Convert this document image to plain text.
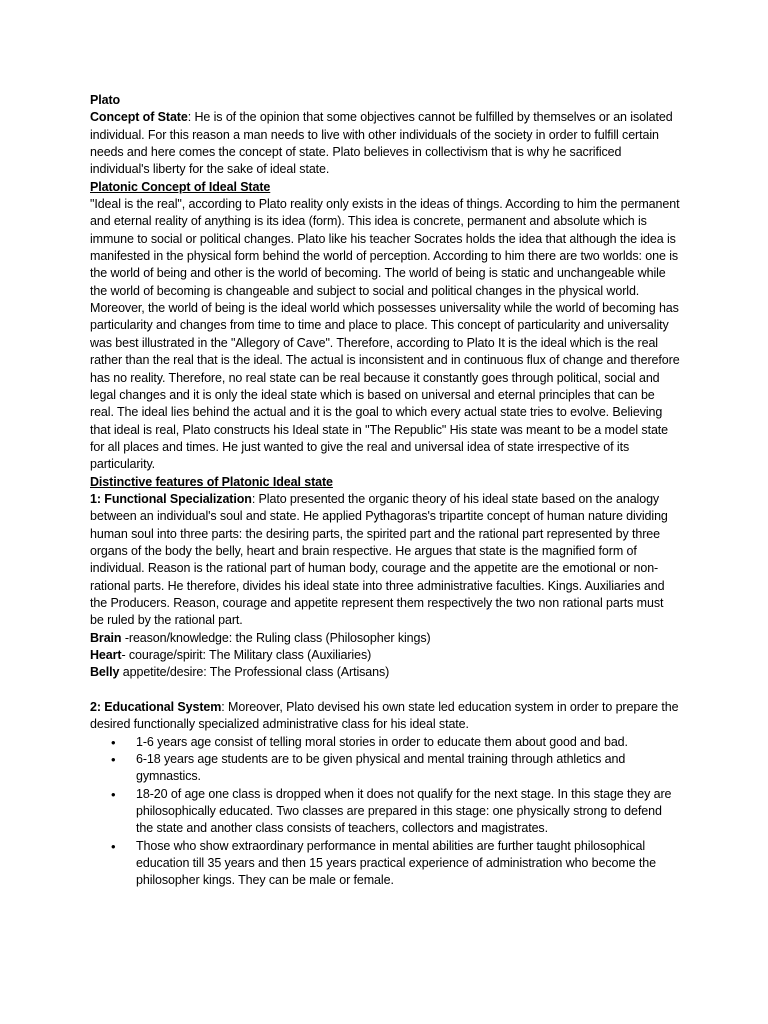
Plato

Concept of State: He is of the opinion that some objectives cannot be fulfilled by themselves or an isolated individual. For this reason a man needs to live with other individuals of the society in order to fulfill certain needs and here comes the concept of state. Plato believes in collectivism that is why he sacrificed individual's liberty for the sake of ideal state.

Platonic Concept of Ideal State

"Ideal is the real", according to Plato reality only exists in the ideas of things. According to him the permanent and eternal reality of anything is its idea (form). This idea is concrete, permanent and absolute which is immune to social or political changes. Plato like his teacher Socrates holds the idea that although the idea is manifested in the physical form behind the world of perception. According to him there are two worlds: one is the world of being and other is the world of becoming. The world of being is static and unchangeable while the world of becoming is changeable and subject to social and political changes in the physical world. Moreover, the world of being is the ideal world which possesses universality while the world of becoming has particularity and changes from time to time and place to place. This concept of particularity and universality was best illustrated in the "Allegory of Cave". Therefore, according to Plato It is the ideal which is the real rather than the real that is the ideal. The actual is inconsistent and in continuous flux of change and therefore has no reality. Therefore, no real state can be real because it constantly goes through political, social and legal changes and it is only the ideal state which is based on universal and eternal principles that can be real. The ideal lies behind the actual and it is the goal to which every actual state tries to evolve. Believing that ideal is real, Plato constructs his Ideal state in "The Republic" His state was meant to be a model state for all places and times. He just wanted to give the real and universal idea of state irrespective of its particularity.

Distinctive features of Platonic Ideal state

1: Functional Specialization: Plato presented the organic theory of his ideal state based on the analogy between an individual's soul and state. He applied Pythagoras's tripartite concept of human nature dividing human soul into three parts: the desiring parts, the spirited part and the rational part represented by three organs of the body the belly, heart and brain respective. He argues that state is the magnified form of individual. Reason is the rational part of human body, courage and the appetite are the emotional or non-rational parts. He therefore, divides his ideal state into three administrative faculties. Kings. Auxiliaries and the Producers. Reason, courage and appetite represent them respectively the two non rational parts must be ruled by the rational part.

Brain -reason/knowledge: the Ruling class (Philosopher kings)

Heart- courage/spirit: The Military class (Auxiliaries)

Belly appetite/desire: The Professional class (Artisans)

2: Educational System: Moreover, Plato devised his own state led education system in order to prepare the desired functionally specialized administrative class for his ideal state.

• 1-6 years age consist of telling moral stories in order to educate them about good and bad.
• 6-18 years age students are to be given physical and mental training through athletics and gymnastics.
• 18-20 of age one class is dropped when it does not qualify for the next stage. In this stage they are philosophically educated. Two classes are prepared in this stage: one physically strong to defend the state and another class consists of teachers, collectors and magistrates.
• Those who show extraordinary performance in mental abilities are further taught philosophical education till 35 years and then 15 years practical experience of administration who become the philosopher kings. They can be male or female.
